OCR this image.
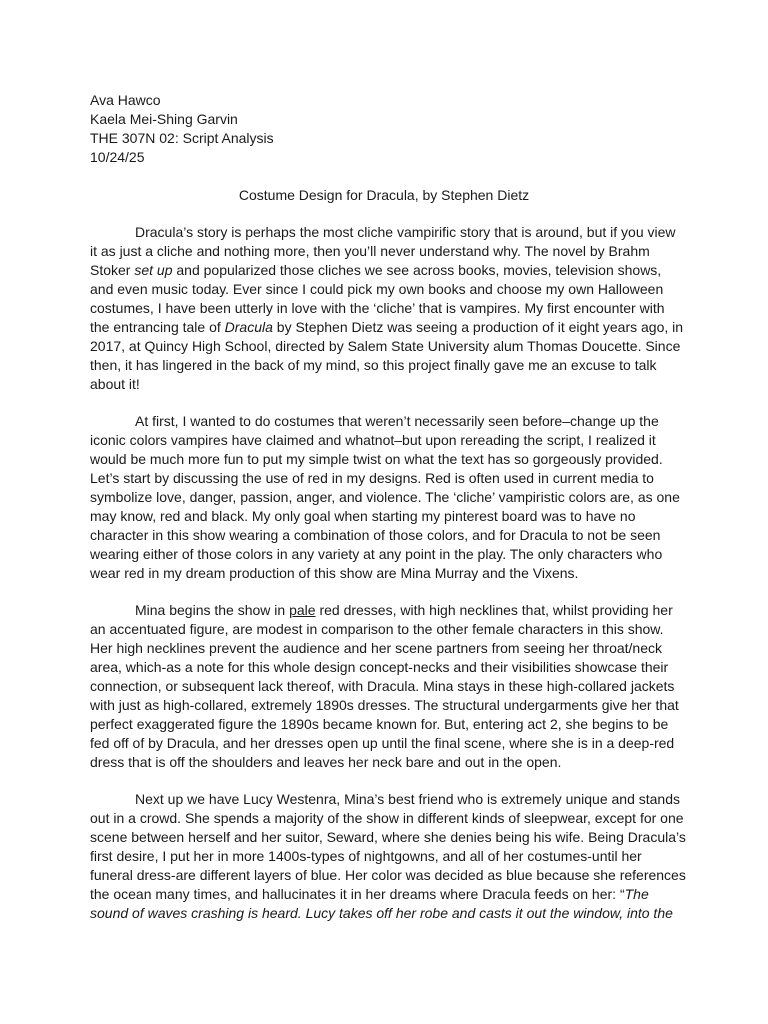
Ava Hawco
Kaela Mei-Shing Garvin
THE 307N 02: Script Analysis
10/24/25
Costume Design for Dracula, by Stephen Dietz
Dracula’s story is perhaps the most cliche vampirific story that is around, but if you view
it as just a cliche and nothing more, then you’ll never understand why. The novel by Brahm
Stoker set up and popularized those cliches we see across books, movies, television shows,
and even music today. Ever since I could pick my own books and choose my own Halloween
costumes, I have been utterly in love with the ‘cliche’ that is vampires. My first encounter with
the entrancing tale of Dracula by Stephen Dietz was seeing a production of it eight years ago, in
2017, at Quincy High School, directed by Salem State University alum Thomas Doucette. Since
then, it has lingered in the back of my mind, so this project finally gave me an excuse to talk
about it!
At first, I wanted to do costumes that weren’t necessarily seen before–change up the
iconic colors vampires have claimed and whatnot–but upon rereading the script, I realized it
would be much more fun to put my simple twist on what the text has so gorgeously provided.
Let’s start by discussing the use of red in my designs. Red is often used in current media to
symbolize love, danger, passion, anger, and violence. The ‘cliche’ vampiristic colors are, as one
may know, red and black. My only goal when starting my pinterest board was to have no
character in this show wearing a combination of those colors, and for Dracula to not be seen
wearing either of those colors in any variety at any point in the play. The only characters who
wear red in my dream production of this show are Mina Murray and the Vixens.
Mina begins the show in pale red dresses, with high necklines that, whilst providing her
an accentuated figure, are modest in comparison to the other female characters in this show.
Her high necklines prevent the audience and her scene partners from seeing her throat/neck
area, which-as a note for this whole design concept-necks and their visibilities showcase their
connection, or subsequent lack thereof, with Dracula. Mina stays in these high-collared jackets
with just as high-collared, extremely 1890s dresses. The structural undergarments give her that
perfect exaggerated figure the 1890s became known for. But, entering act 2, she begins to be
fed off of by Dracula, and her dresses open up until the final scene, where she is in a deep-red
dress that is off the shoulders and leaves her neck bare and out in the open.
Next up we have Lucy Westenra, Mina’s best friend who is extremely unique and stands
out in a crowd. She spends a majority of the show in different kinds of sleepwear, except for one
scene between herself and her suitor, Seward, where she denies being his wife. Being Dracula’s
first desire, I put her in more 1400s-types of nightgowns, and all of her costumes-until her
funeral dress-are different layers of blue. Her color was decided as blue because she references
the ocean many times, and hallucinates it in her dreams where Dracula feeds on her: “The
sound of waves crashing is heard. Lucy takes off her robe and casts it out the window, into the
